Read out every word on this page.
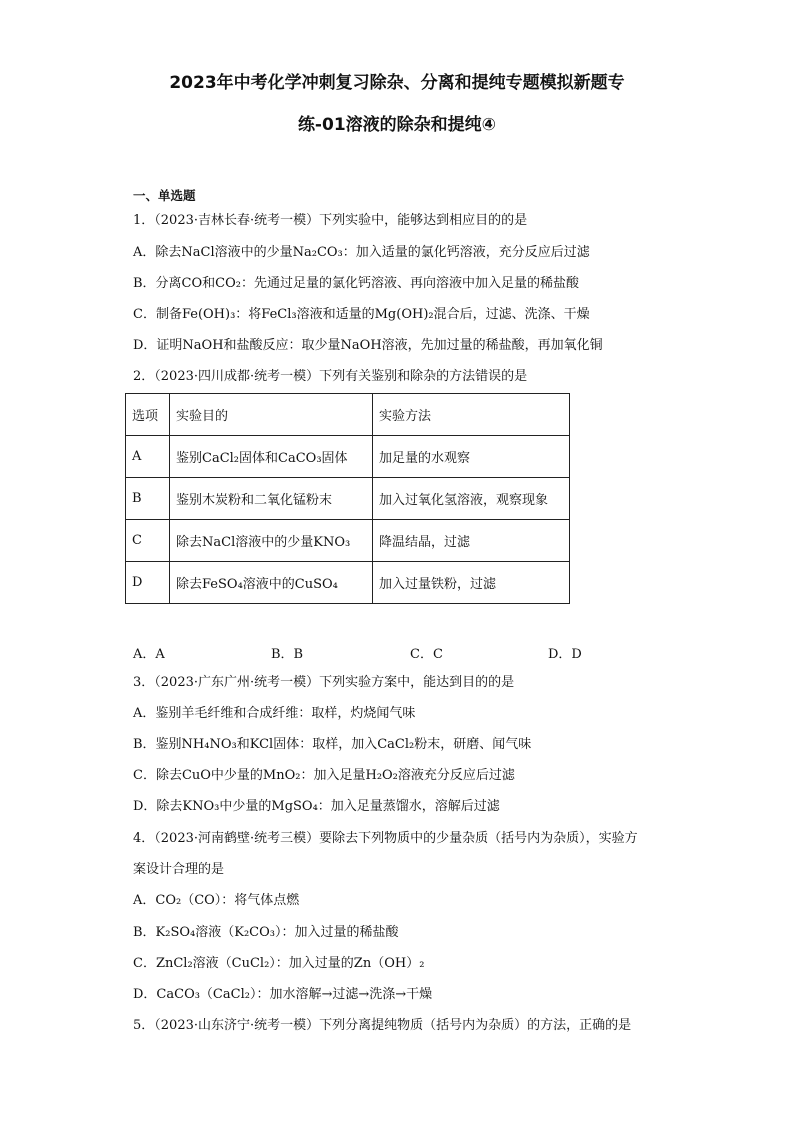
2023年中考化学冲刺复习除杂、分离和提纯专题模拟新题专
练-01溶液的除杂和提纯④
一、单选题
1．（2023·吉林长春·统考一模）下列实验中，能够达到相应目的的是
A．除去NaCl溶液中的少量Na₂CO₃：加入适量的氯化钙溶液，充分反应后过滤
B．分离CO和CO₂：先通过足量的氯化钙溶液、再向溶液中加入足量的稀盐酸
C．制备Fe(OH)₃：将FeCl₃溶液和适量的Mg(OH)₂混合后，过滤、洗涤、干燥
D．证明NaOH和盐酸反应：取少量NaOH溶液，先加过量的稀盐酸，再加氧化铜
2．（2023·四川成都·统考一模）下列有关鉴别和除杂的方法错误的是
选项	实验目的	实验方法
A	鉴别CaCl₂固体和CaCO₃固体	加足量的水观察
B	鉴别木炭粉和二氧化锰粉末	加入过氧化氢溶液，观察现象
C	除去NaCl溶液中的少量KNO₃	降温结晶，过滤
D	除去FeSO₄溶液中的CuSO₄	加入过量铁粉，过滤
A．A	B．B	C．C	D．D
3．（2023·广东广州·统考一模）下列实验方案中，能达到目的的是
A．鉴别羊毛纤维和合成纤维：取样，灼烧闻气味
B．鉴别NH₄NO₃和KCl固体：取样，加入CaCl₂粉末，研磨、闻气味
C．除去CuO中少量的MnO₂：加入足量H₂O₂溶液充分反应后过滤
D．除去KNO₃中少量的MgSO₄：加入足量蒸馏水，溶解后过滤
4．（2023·河南鹤壁·统考三模）要除去下列物质中的少量杂质（括号内为杂质），实验方
案设计合理的是
A．CO₂（CO）：将气体点燃
B．K₂SO₄溶液（K₂CO₃）：加入过量的稀盐酸
C．ZnCl₂溶液（CuCl₂）：加入过量的Zn（OH）₂
D．CaCO₃（CaCl₂）：加水溶解→过滤→洗涤→干燥
5．（2023·山东济宁·统考一模）下列分离提纯物质（括号内为杂质）的方法，正确的是
